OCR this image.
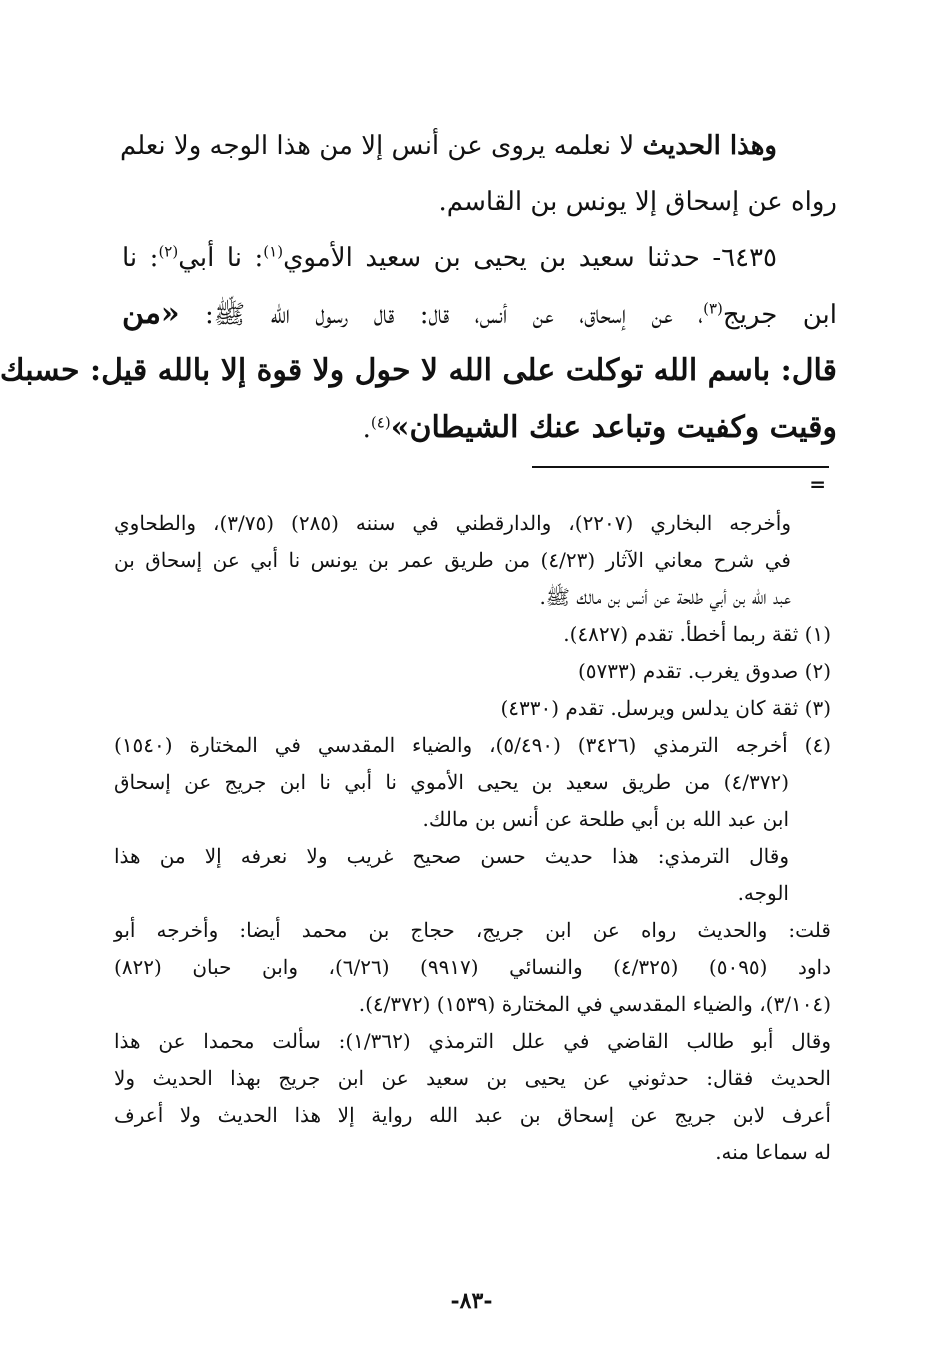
وهذا الحديث لا نعلمه يروى عن أنس إلا من هذا الوجه ولا نعلم
رواه عن إسحاق إلا يونس بن القاسم.
٦٤٣٥- حدثنا سعيد بن يحيى بن سعيد الأموي$^{(١)}$: نا أبي$^{(٢)}$: نا
ابن جريج$^{(٣)}$، عن إسحاق، عن أنس، قال: قال رسول الله ﷺ: «من
قال: باسم الله توكلت على الله لا حول ولا قوة إلا بالله قيل: حسبك
وقيت وكفيت وتباعد عنك الشيطان»$^{(٤)}$.
=
وأخرجه البخاري (٢٢٠٧)، والدارقطني في سننه (٢٨٥) (٣/٧٥)، والطحاوي
في شرح معاني الآثار (٤/٢٣) من طريق عمر بن يونس نا أبي عن إسحاق بن
عبد الله بن أبي طلحة عن أنس بن مالك ﷺ.
(١) ثقة ربما أخطأ. تقدم (٤٨٢٧).
(٢) صدوق يغرب. تقدم (٥٧٣٣)
(٣) ثقة كان يدلس ويرسل. تقدم (٤٣٣٠)
(٤) أخرجه الترمذي (٣٤٢٦) (٥/٤٩٠)، والضياء المقدسي في المختارة (١٥٤٠)
(٤/٣٧٢) من طريق سعيد بن يحيى الأموي نا أبي نا ابن جريج عن إسحاق
ابن عبد الله بن أبي طلحة عن أنس بن مالك.
وقال الترمذي: هذا حديث حسن صحيح غريب ولا نعرفه إلا من هذا
الوجه.
قلت: والحديث رواه عن ابن جريج، حجاج بن محمد أيضا: وأخرجه أبو
داود (٥٠٩٥) (٤/٣٢٥) والنسائي (٩٩١٧) (٦/٢٦)، وابن حبان (٨٢٢)
(٣/١٠٤)، والضياء المقدسي في المختارة (١٥٣٩) (٤/٣٧٢).
وقال أبو طالب القاضي في علل الترمذي (١/٣٦٢): سألت محمدا عن هذا
الحديث فقال: حدثوني عن يحيى بن سعيد عن ابن جريج بهذا الحديث ولا
أعرف لابن جريج عن إسحاق بن عبد الله رواية إلا هذا الحديث ولا أعرف
له سماعا منه.
-٨٣-
